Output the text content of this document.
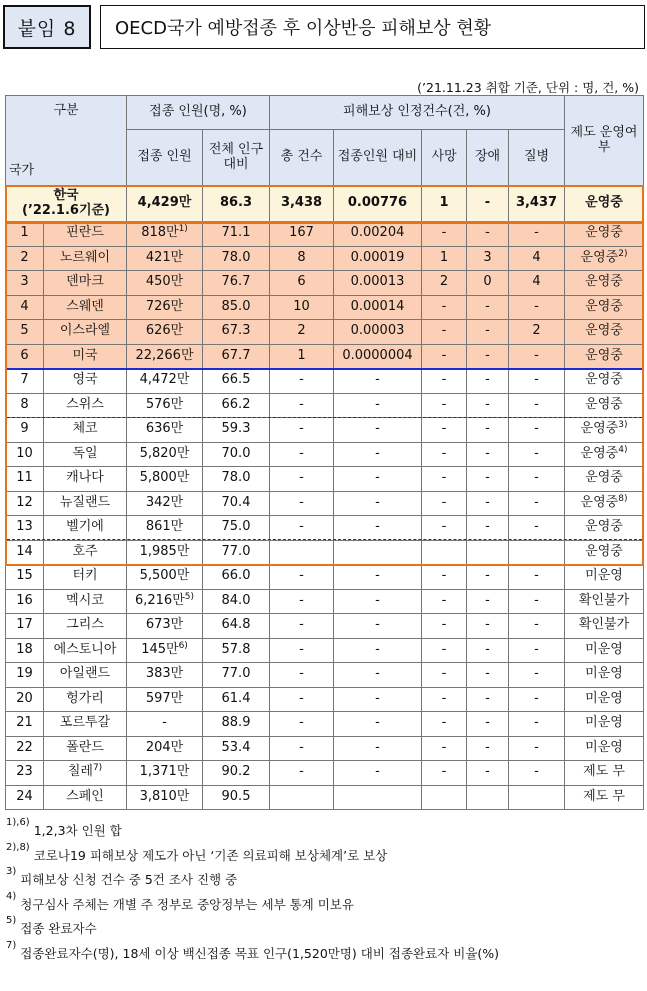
붙임 8	OECD국가 예방접종 후 이상반응 피해보상 현황
(’21.11.23 취합 기준, 단위 : 명, 건, %)
구분
국가		접종 인원(명, %)		피해보상 인정건수(건, %)					제도 운영여부
		접종 인원	전체 인구 대비	총 건수	접종인원 대비	사망	장애	질병	

한국
(’22.1.6기준)		4,429만	86.3	3,438	0.00776	1	-	3,437	운영중
1	핀란드	818만$^{1)}$	71.1	167	0.00204	-	-	-	운영중
2	노르웨이	421만	78.0	8	0.00019	1	3	4	운영중$^{2)}$
3	덴마크	450만	76.7	6	0.00013	2	0	4	운영중
4	스웨덴	726만	85.0	10	0.00014	-	-	-	운영중
5	이스라엘	626만	67.3	2	0.00003	-	-	2	운영중
6	미국	22,266만	67.7	1	0.0000004	-	-	-	운영중
7	영국	4,472만	66.5	-	-	-	-	-	운영중
8	스위스	576만	66.2	-	-	-	-	-	운영중
9	체코	636만	59.3	-	-	-	-	-	운영중$^{3)}$
10	독일	5,820만	70.0	-	-	-	-	-	운영중$^{4)}$
11	캐나다	5,800만	78.0	-	-	-	-	-	운영중
12	뉴질랜드	342만	70.4	-	-	-	-	-	운영중$^{8)}$
13	벨기에	861만	75.0	-	-	-	-	-	운영중
14	호주	1,985만	77.0						운영중
15	터키	5,500만	66.0	-	-	-	-	-	미운영
16	멕시코	6,216만$^{5)}$	84.0	-	-	-	-	-	확인불가
17	그리스	673만	64.8	-	-	-	-	-	확인불가
18	에스토니아	145만$^{6)}$	57.8	-	-	-	-	-	미운영
19	아일랜드	383만	77.0	-	-	-	-	-	미운영
20	헝가리	597만	61.4	-	-	-	-	-	미운영
21	포르투갈	-	88.9	-	-	-	-	-	미운영
22	폴란드	204만	53.4	-	-	-	-	-	미운영
23	칠레$^{7)}$	1,371만	90.2	-	-	-	-	-	제도 무
24	스페인	3,810만	90.5						제도 무
1),6)
1,2,3차 인원 합
2),8)
코로나19 피해보상 제도가 아닌 ‘기존 의료피해 보상체계’로 보상
3)
피해보상 신청 건수 중 5건 조사 진행 중
4)
청구심사 주체는 개별 주 정부로 중앙정부는 세부 통계 미보유
5)
접종 완료자수
7)
접종완료자수(명), 18세 이상 백신접종 목표 인구(1,520만명) 대비 접종완료자 비율(%)
